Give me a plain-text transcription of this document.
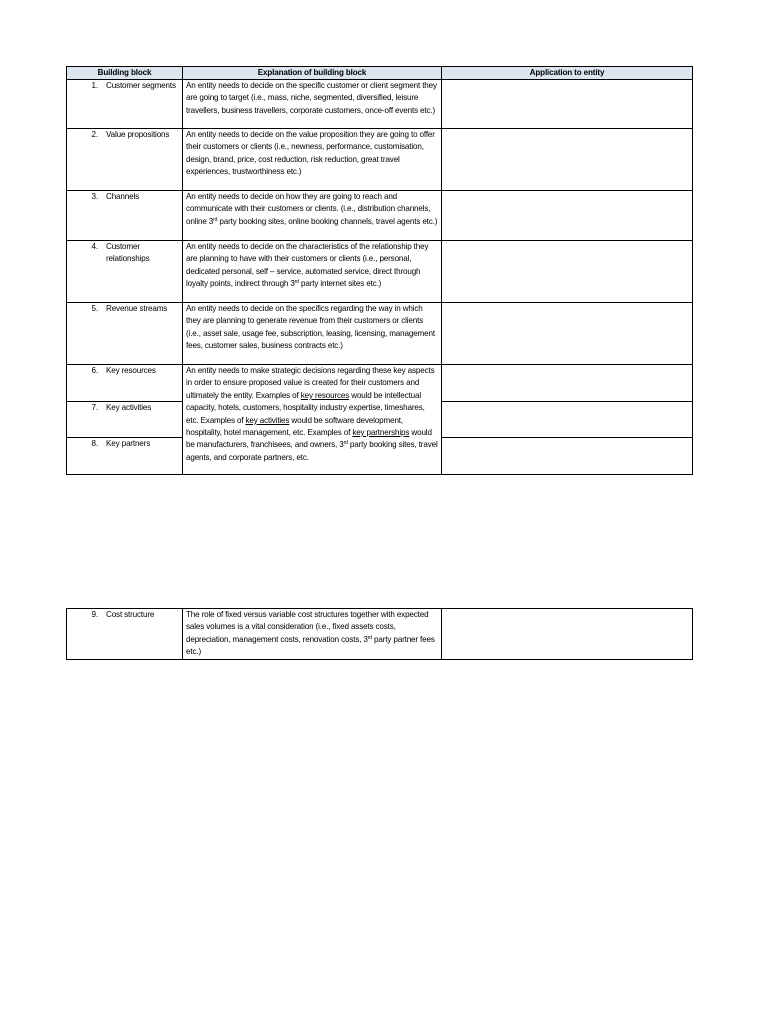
Building block	Explanation of building block	Application to entity

1. Customer segments	An entity needs to decide on the specific customer or client segment they are going to target (i.e., mass, niche, segmented, diversified, leisure travellers, business travellers, corporate customers, once-off events etc.)	

2. Value propositions	An entity needs to decide on the value proposition they are going to offer their customers or clients (i.e., newness, performance, customisation, design, brand, price, cost reduction, risk reduction, great travel experiences, trustworthiness etc.)	

3. Channels	An entity needs to decide on how they are going to reach and communicate with their customers or clients. (i.e., distribution channels, online 3rd party booking sites, online booking channels, travel agents etc.)	

4. Customer relationships	An entity needs to decide on the characteristics of the relationship they are planning to have with their customers or clients (i.e., personal, dedicated personal, self – service, automated service, direct through loyalty points, indirect through 3rd party internet sites etc.)	

5. Revenue streams	An entity needs to decide on the specifics regarding the way in which they are planning to generate revenue from their customers or clients (i.e., asset sale, usage fee, subscription, leasing, licensing, management fees, customer sales, business contracts etc.)	

6. Key resources	An entity needs to make strategic decisions regarding these key aspects in order to ensure proposed value is created for their customers and ultimately the entity. Examples of key resources would be intellectual capacity, hotels, customers, hospitality industry expertise, timeshares, etc. Examples of key activities would be software development, hospitality, hotel management, etc. Examples of key partnerships would be manufacturers, franchisees, and owners, 3rd party booking sites, travel agents, and corporate partners, etc.	

7. Key activities		

8. Key partners		

9. Cost structure	The role of fixed versus variable cost structures together with expected sales volumes is a vital consideration (i.e., fixed assets costs, depreciation, management costs, renovation costs, 3rd party partner fees etc.)	
